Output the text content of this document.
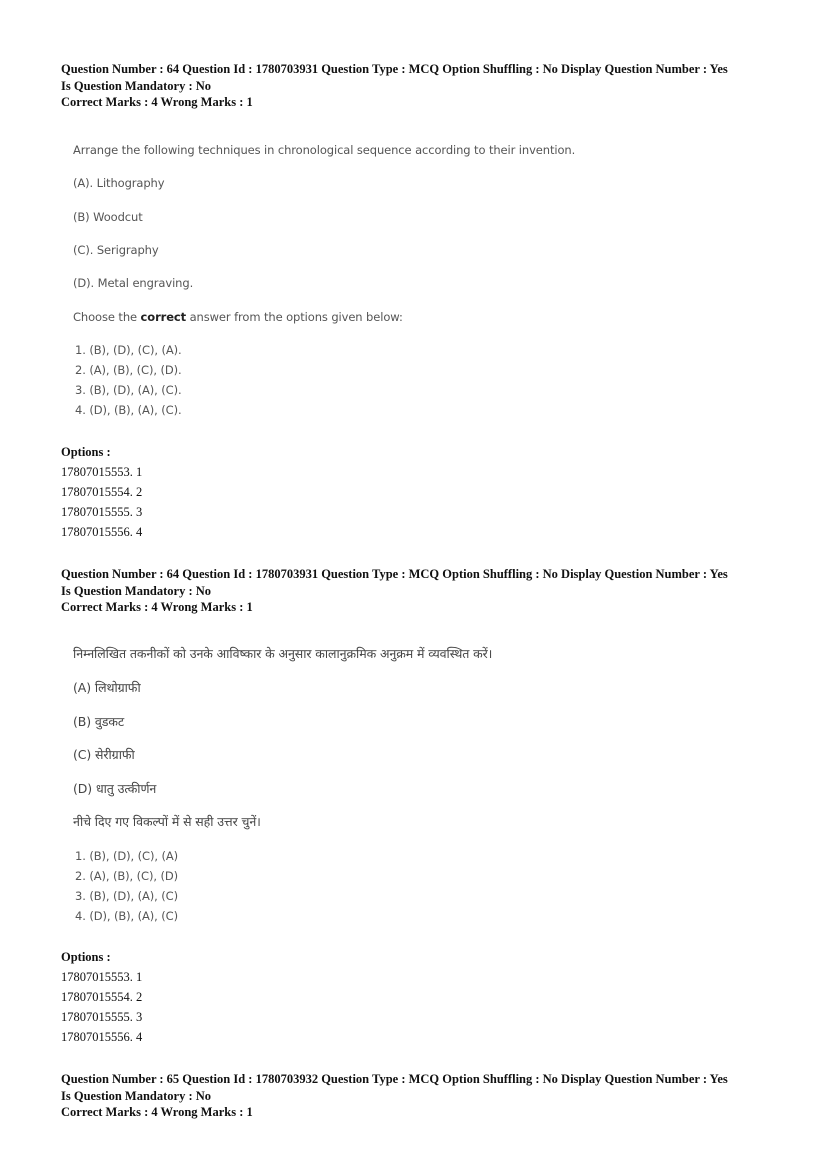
Question Number : 64 Question Id : 1780703931 Question Type : MCQ Option Shuffling : No Display Question Number : Yes
Is Question Mandatory : No
Correct Marks : 4 Wrong Marks : 1
Arrange the following techniques in chronological sequence according to their invention.
(A). Lithography
(B) Woodcut
(C). Serigraphy
(D). Metal engraving.
Choose the correct answer from the options given below:
1. (B), (D), (C), (A).
2. (A), (B), (C), (D).
3. (B), (D), (A), (C).
4. (D), (B), (A), (C).
Options :
17807015553. 1
17807015554. 2
17807015555. 3
17807015556. 4
Question Number : 64 Question Id : 1780703931 Question Type : MCQ Option Shuffling : No Display Question Number : Yes
Is Question Mandatory : No
Correct Marks : 4 Wrong Marks : 1
निम्नलिखित तकनीकों को उनके आविष्कार के अनुसार कालानुक्रमिक अनुक्रम में व्यवस्थित करें।
(A) लिथोग्राफी
(B) वुडकट
(C) सेरीग्राफी
(D) धातु उत्कीर्णन
नीचे दिए गए विकल्पों में से सही उत्तर चुनें।
1. (B), (D), (C), (A)
2. (A), (B), (C), (D)
3. (B), (D), (A), (C)
4. (D), (B), (A), (C)
Options :
17807015553. 1
17807015554. 2
17807015555. 3
17807015556. 4
Question Number : 65 Question Id : 1780703932 Question Type : MCQ Option Shuffling : No Display Question Number : Yes
Is Question Mandatory : No
Correct Marks : 4 Wrong Marks : 1
